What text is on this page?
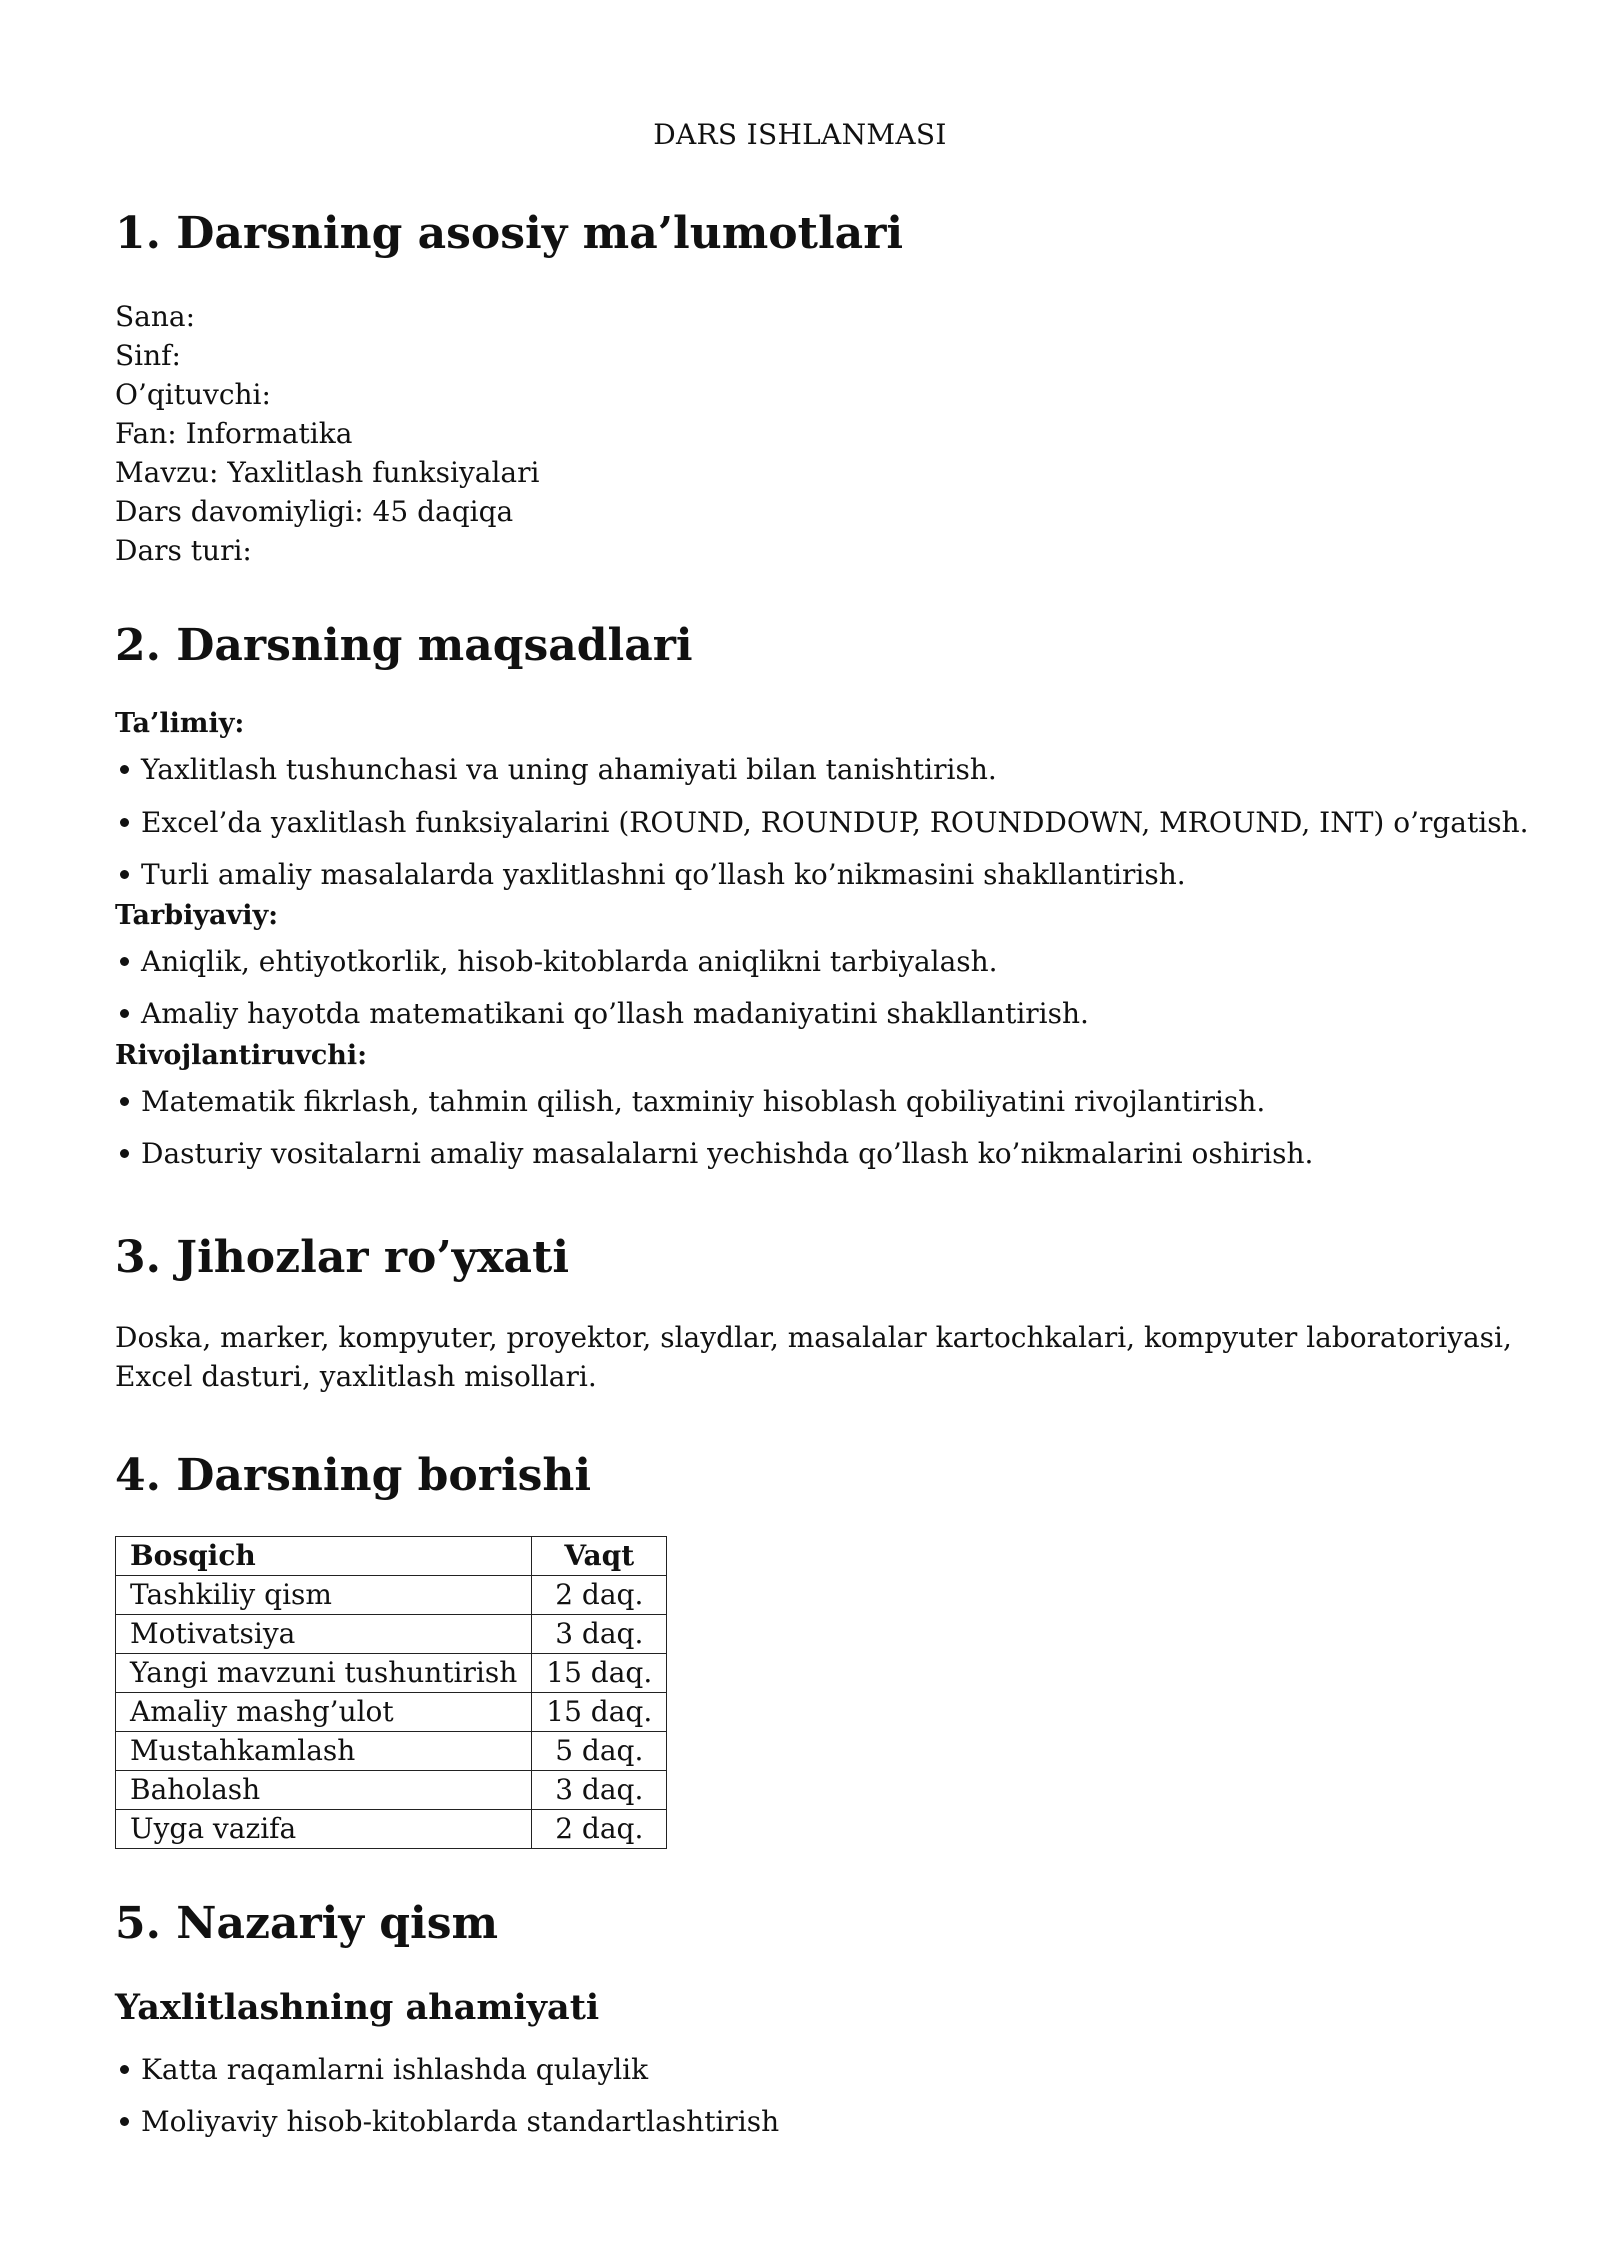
DARS ISHLANMASI
1. Darsning asosiy ma’lumotlari
Sana:
Sinf:
O’qituvchi:
Fan: Informatika
Mavzu: Yaxlitlash funksiyalari
Dars davomiyligi: 45 daqiqa
Dars turi:
2. Darsning maqsadlari
Ta’limiy:
Yaxlitlash tushunchasi va uning ahamiyati bilan tanishtirish.
Excel’da yaxlitlash funksiyalarini (ROUND, ROUNDUP, ROUNDDOWN, MROUND, INT) o’rgatish.
Turli amaliy masalalarda yaxlitlashni qo’llash ko’nikmasini shakllantirish.
Tarbiyaviy:
Aniqlik, ehtiyotkorlik, hisob-kitoblarda aniqlikni tarbiyalash.
Amaliy hayotda matematikani qo’llash madaniyatini shakllantirish.
Rivojlantiruvchi:
Matematik fikrlash, tahmin qilish, taxminiy hisoblash qobiliyatini rivojlantirish.
Dasturiy vositalarni amaliy masalalarni yechishda qo’llash ko’nikmalarini oshirish.
3. Jihozlar ro’yxati
Doska, marker, kompyuter, proyektor, slaydlar, masalalar kartochkalari, kompyuter laboratoriyasi, Excel dasturi, yaxlitlash misollari.
4. Darsning borishi
Bosqich	Vaqt
Tashkiliy qism	2 daq.
Motivatsiya	3 daq.
Yangi mavzuni tushuntirish	15 daq.
Amaliy mashg’ulot	15 daq.
Mustahkamlash	5 daq.
Baholash	3 daq.
Uyga vazifa	2 daq.
5. Nazariy qism
Yaxlitlashning ahamiyati
Katta raqamlarni ishlashda qulaylik
Moliyaviy hisob-kitoblarda standartlashtirish
